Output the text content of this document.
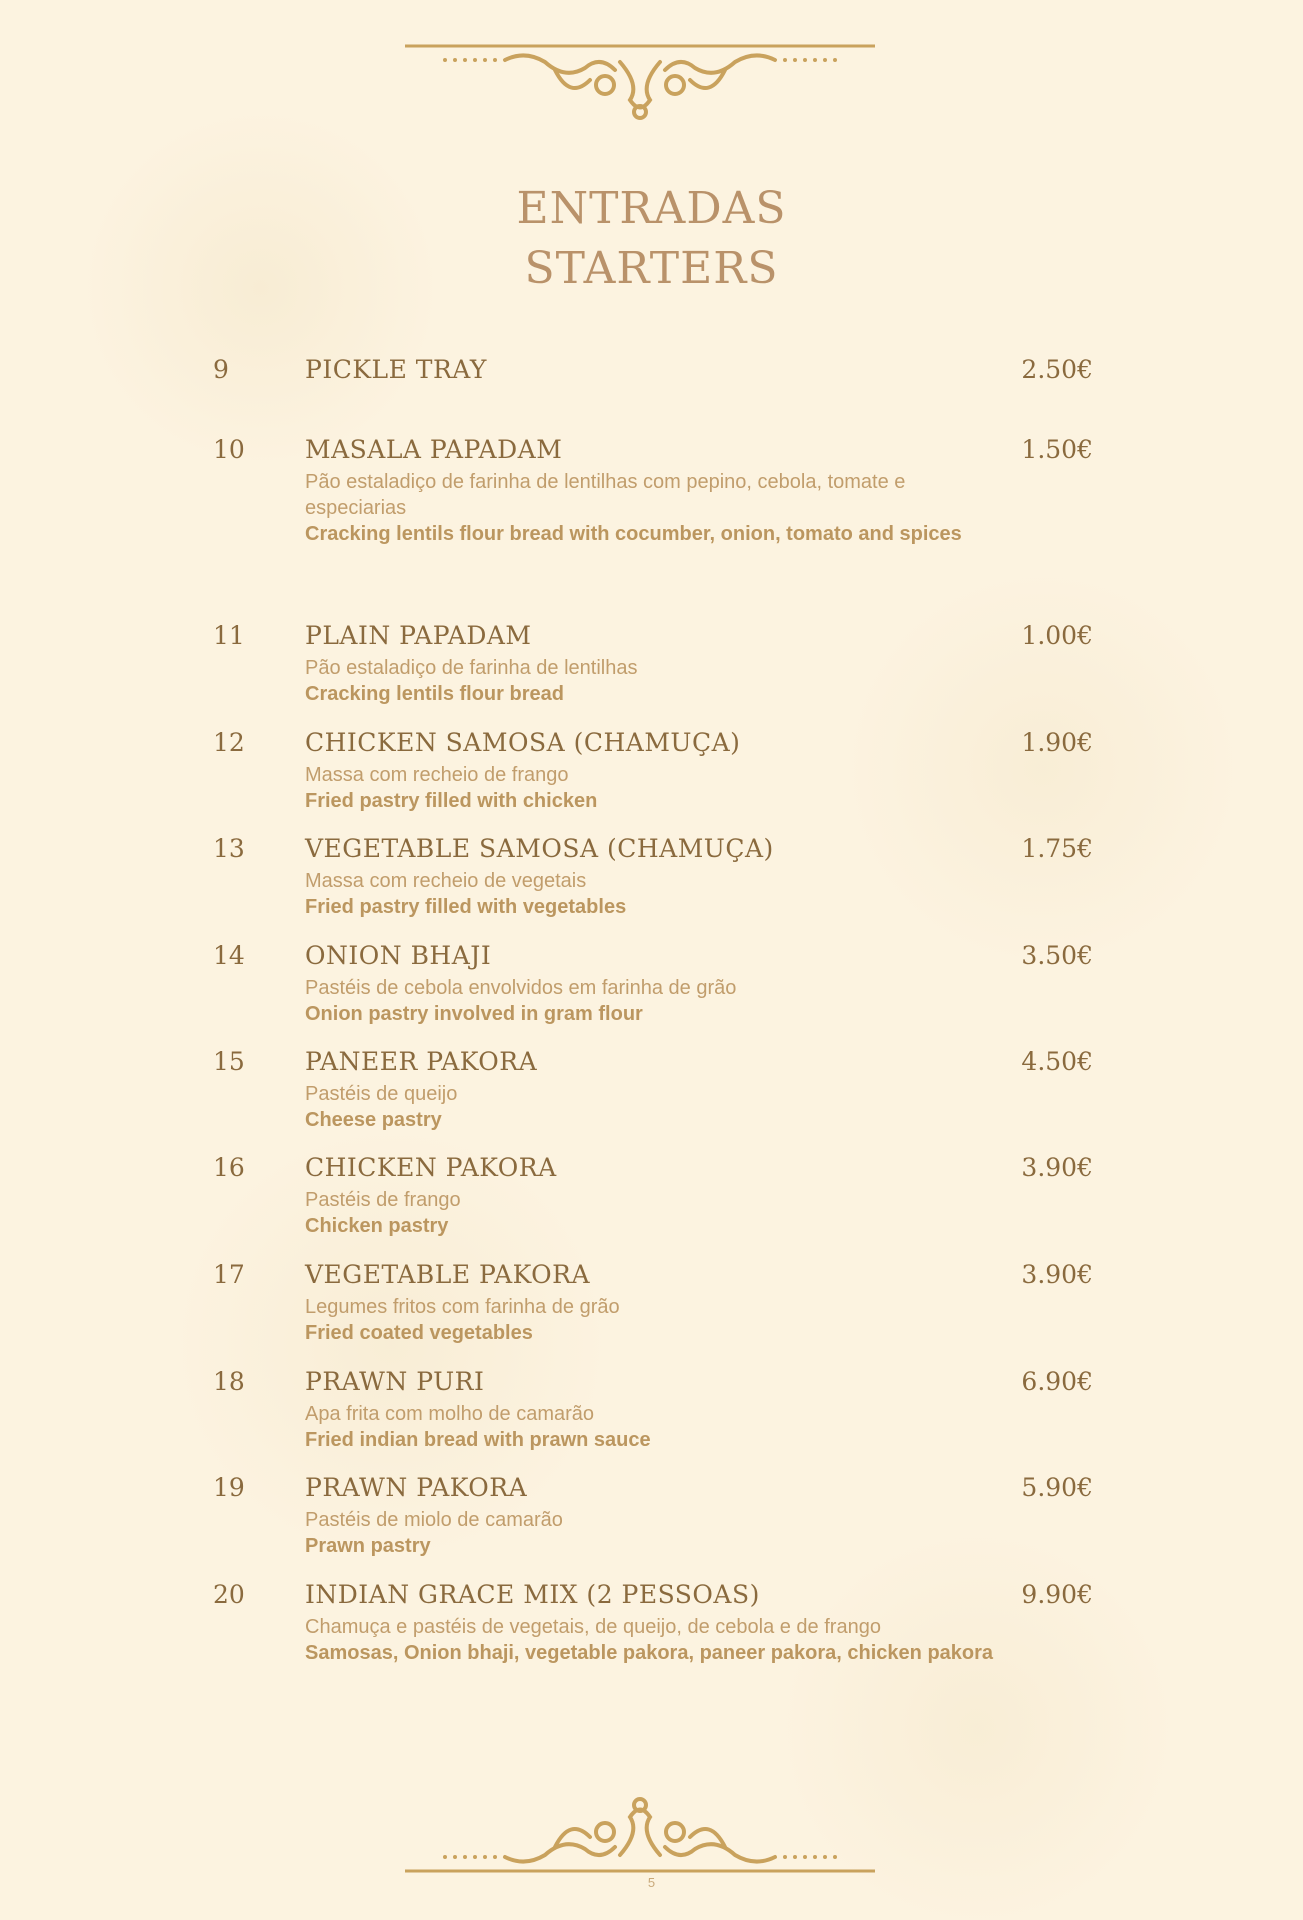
ENTRADAS
STARTERS
9	PICKLE TRAY	2.50€
10 MASALA PAPADAM	1.50€
Pão estaladiço de farinha de lentilhas com pepino, cebola, tomate e especiarias
Cracking lentils flour bread with cocumber, onion, tomato and spices
11 PLAIN PAPADAM	1.00€
Pão estaladiço de farinha de lentilhas
Cracking lentils flour bread
12 CHICKEN SAMOSA (CHAMUÇA)	1.90€
Massa com recheio de frango
Fried pastry filled with chicken
13 VEGETABLE SAMOSA (CHAMUÇA)	1.75€
Massa com recheio de vegetais
Fried pastry filled with vegetables
14 ONION BHAJI	3.50€
Pastéis de cebola envolvidos em farinha de grão
Onion pastry involved in gram flour
15 PANEER PAKORA	4.50€
Pastéis de queijo
Cheese pastry
16 CHICKEN PAKORA	3.90€
Pastéis de frango
Chicken pastry
17 VEGETABLE PAKORA	3.90€
Legumes fritos com farinha de grão
Fried coated vegetables
18 PRAWN PURI	6.90€
Apa frita com molho de camarão
Fried indian bread with prawn sauce
19 PRAWN PAKORA	5.90€
Pastéis de miolo de camarão
Prawn pastry
20 INDIAN GRACE MIX (2 PESSOAS)	9.90€
Chamuça e pastéis de vegetais, de queijo, de cebola e de frango
Samosas, Onion bhaji, vegetable pakora, paneer pakora, chicken pakora
5
